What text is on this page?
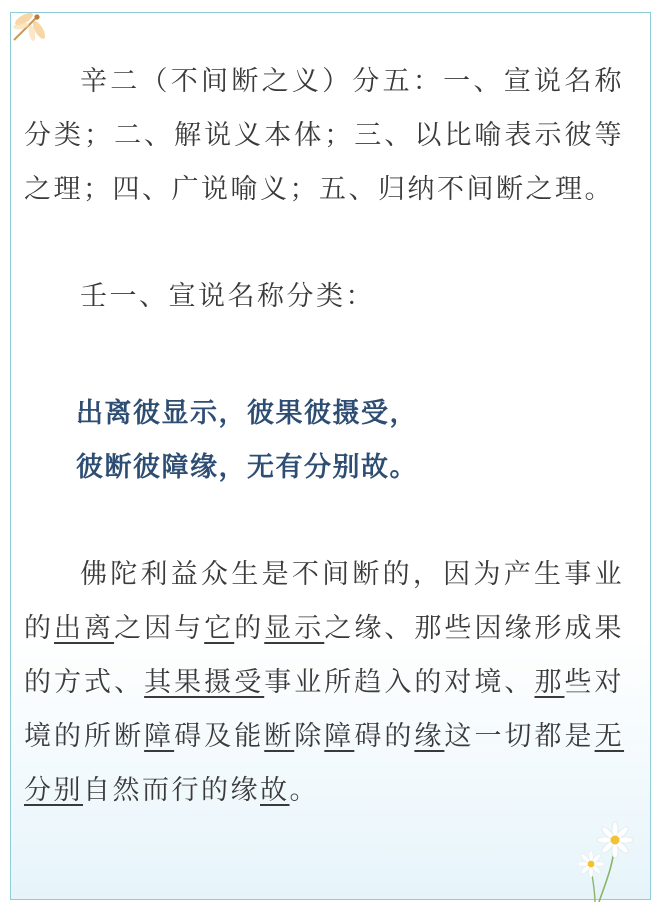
辛二（不间断之义）分五：一、宣说名称分类；二、解说义本体；三、以比喻表示彼等之理；四、广说喻义；五、归纳不间断之理。

壬一、宣说名称分类：

出离彼显示，彼果彼摄受，

彼断彼障缘，无有分别故。

佛陀利益众生是不间断的，因为产生事业的出离之因与它的显示之缘、那些因缘形成果的方式、其果摄受事业所趋入的对境、那些对境的所断障碍及能断除障碍的缘这一切都是无分别自然而行的缘故。
